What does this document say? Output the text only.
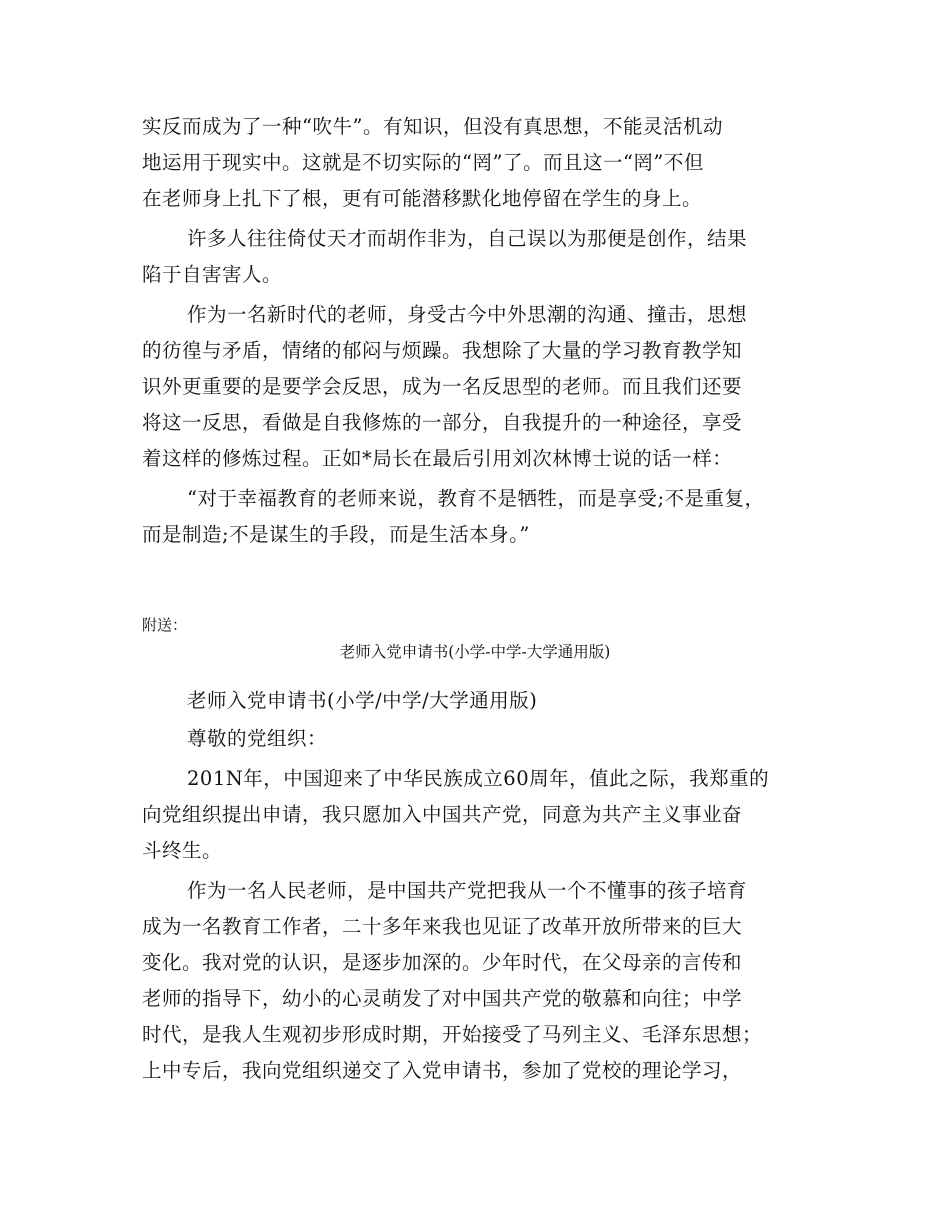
实反而成为了一种“吹牛”。有知识，但没有真思想，不能灵活机动
地运用于现实中。这就是不切实际的“罔”了。而且这一“罔”不但
在老师身上扎下了根，更有可能潜移默化地停留在学生的身上。
许多人往往倚仗天才而胡作非为，自己误以为那便是创作，结果
陷于自害害人。
作为一名新时代的老师，身受古今中外思潮的沟通、撞击，思想
的彷徨与矛盾，情绪的郁闷与烦躁。我想除了大量的学习教育教学知
识外更重要的是要学会反思，成为一名反思型的老师。而且我们还要
将这一反思，看做是自我修炼的一部分，自我提升的一种途径，享受
着这样的修炼过程。正如*局长在最后引用刘次林博士说的话一样：
“对于幸福教育的老师来说，教育不是牺牲，而是享受;不是重复，
而是制造;不是谋生的手段，而是生活本身。”
附送：
老师入党申请书(小学-中学-大学通用版)
老师入党申请书(小学/中学/大学通用版)
尊敬的党组织：
201N年，中国迎来了中华民族成立60周年，值此之际，我郑重的
向党组织提出申请，我只愿加入中国共产党，同意为共产主义事业奋
斗终生。
作为一名人民老师，是中国共产党把我从一个不懂事的孩子培育
成为一名教育工作者，二十多年来我也见证了改革开放所带来的巨大
变化。我对党的认识，是逐步加深的。少年时代，在父母亲的言传和
老师的指导下，幼小的心灵萌发了对中国共产党的敬慕和向往；中学
时代，是我人生观初步形成时期，开始接受了马列主义、毛泽东思想；
上中专后，我向党组织递交了入党申请书，参加了党校的理论学习，
